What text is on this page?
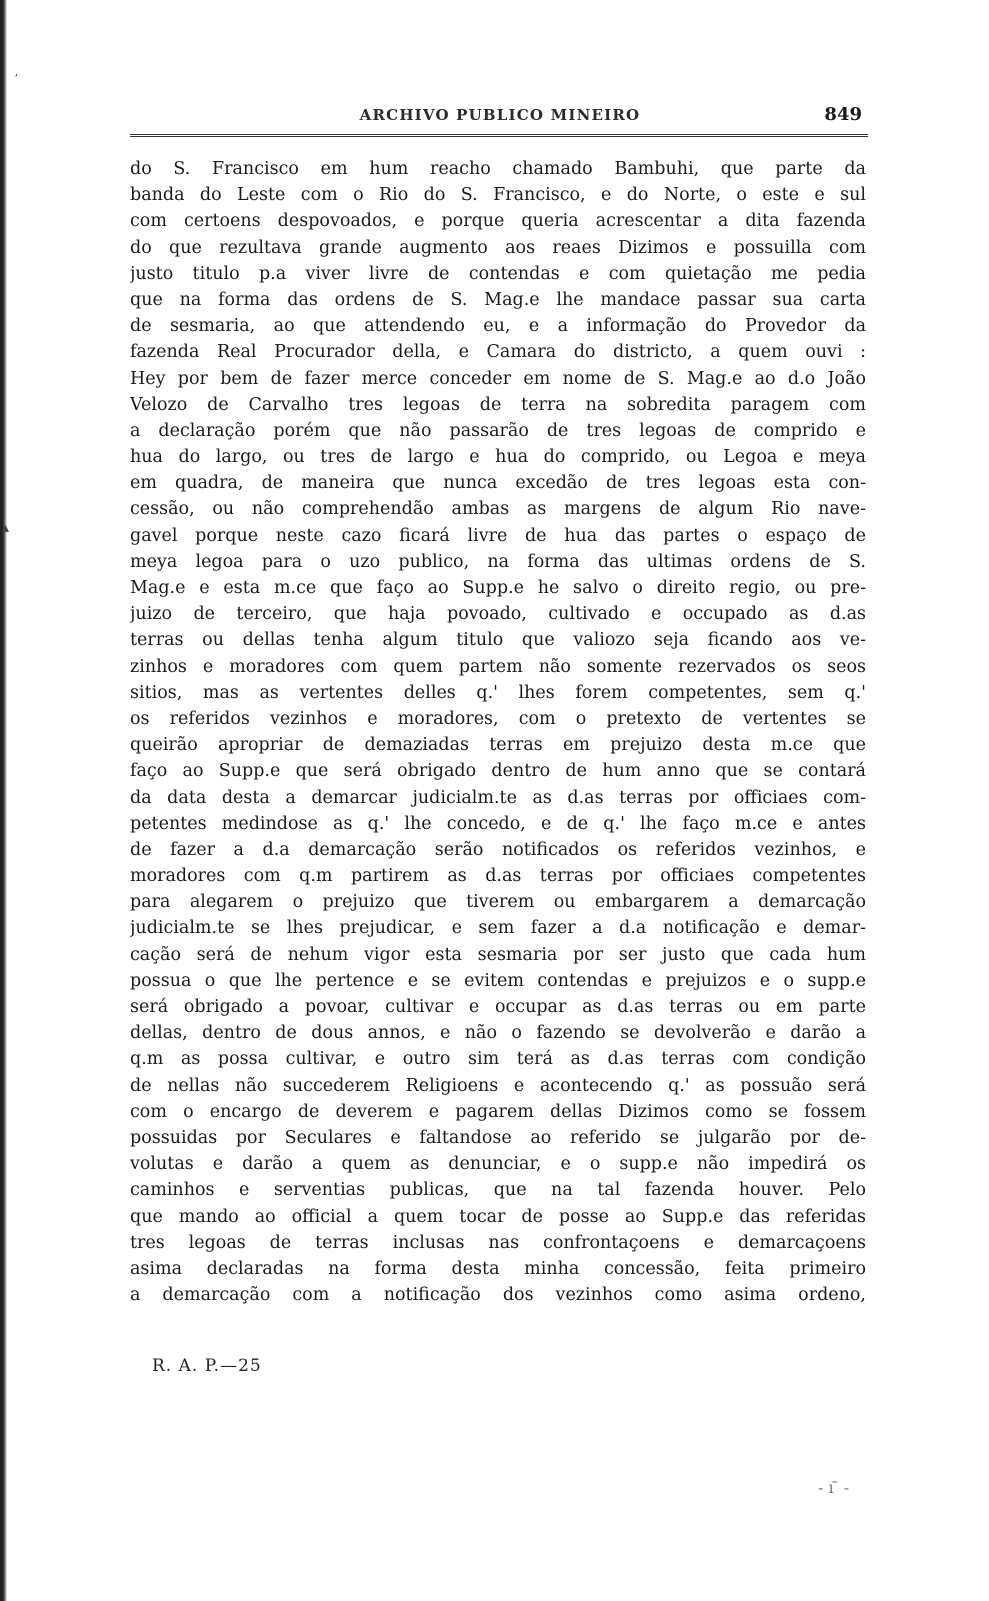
ʼ
▴
- ı ̄ -
ARCHIVO PUBLICO MINEIRO	849
do S. Francisco em hum reacho chamado Bambuhi, que parte da
banda do Leste com o Rio do S. Francisco, e do Norte, o este e sul
com certoens despovoados, e porque queria acrescentar a dita fazenda
do que rezultava grande augmento aos reaes Dizimos e possuilla com
justo titulo p.a viver livre de contendas e com quietação me pedia
que na forma das ordens de S. Mag.e lhe mandace passar sua carta
de sesmaria, ao que attendendo eu, e a informação do Provedor da
fazenda Real Procurador della, e Camara do districto, a quem ouvi :
Hey por bem de fazer merce conceder em nome de S. Mag.e ao d.o João
Velozo de Carvalho tres legoas de terra na sobredita paragem com
a declaração porém que não passarão de tres legoas de comprido e
hua do largo, ou tres de largo e hua do comprido, ou Legoa e meya
em quadra, de maneira que nunca excedão de tres legoas esta con-
cessão, ou não comprehendão ambas as margens de algum Rio nave-
gavel porque neste cazo ficará livre de hua das partes o espaço de
meya legoa para o uzo publico, na forma das ultimas ordens de S.
Mag.e e esta m.ce que faço ao Supp.e he salvo o direito regio, ou pre-
juizo de terceiro, que haja povoado, cultivado e occupado as d.as
terras ou dellas tenha algum titulo que valiozo seja ficando aos ve-
zinhos e moradores com quem partem não somente rezervados os seos
sitios, mas as vertentes delles q.' lhes forem competentes, sem q.'
os referidos vezinhos e moradores, com o pretexto de vertentes se
queirão apropriar de demaziadas terras em prejuizo desta m.ce que
faço ao Supp.e que será obrigado dentro de hum anno que se contará
da data desta a demarcar judicialm.te as d.as terras por officiaes com-
petentes medindose as q.' lhe concedo, e de q.' lhe faço m.ce e antes
de fazer a d.a demarcação serão notificados os referidos vezinhos, e
moradores com q.m partirem as d.as terras por officiaes competentes
para alegarem o prejuizo que tiverem ou embargarem a demarcação
judicialm.te se lhes prejudicar, e sem fazer a d.a notificação e demar-
cação será de nehum vigor esta sesmaria por ser justo que cada hum
possua o que lhe pertence e se evitem contendas e prejuizos e o supp.e
será obrigado a povoar, cultivar e occupar as d.as terras ou em parte
dellas, dentro de dous annos, e não o fazendo se devolverão e darão a
q.m as possa cultivar, e outro sim terá as d.as terras com condição
de nellas não succederem Religioens e acontecendo q.' as possuão será
com o encargo de deverem e pagarem dellas Dizimos como se fossem
possuidas por Seculares e faltandose ao referido se julgarão por de-
volutas e darão a quem as denunciar, e o supp.e não impedirá os
caminhos e serventias publicas, que na tal fazenda houver. Pelo
que mando ao official a quem tocar de posse ao Supp.e das referidas
tres legoas de terras inclusas nas confrontaçoens e demarcaçoens
asima declaradas na forma desta minha concessão, feita primeiro
a demarcação com a notificação dos vezinhos como asima ordeno,
R. A. P.—25
